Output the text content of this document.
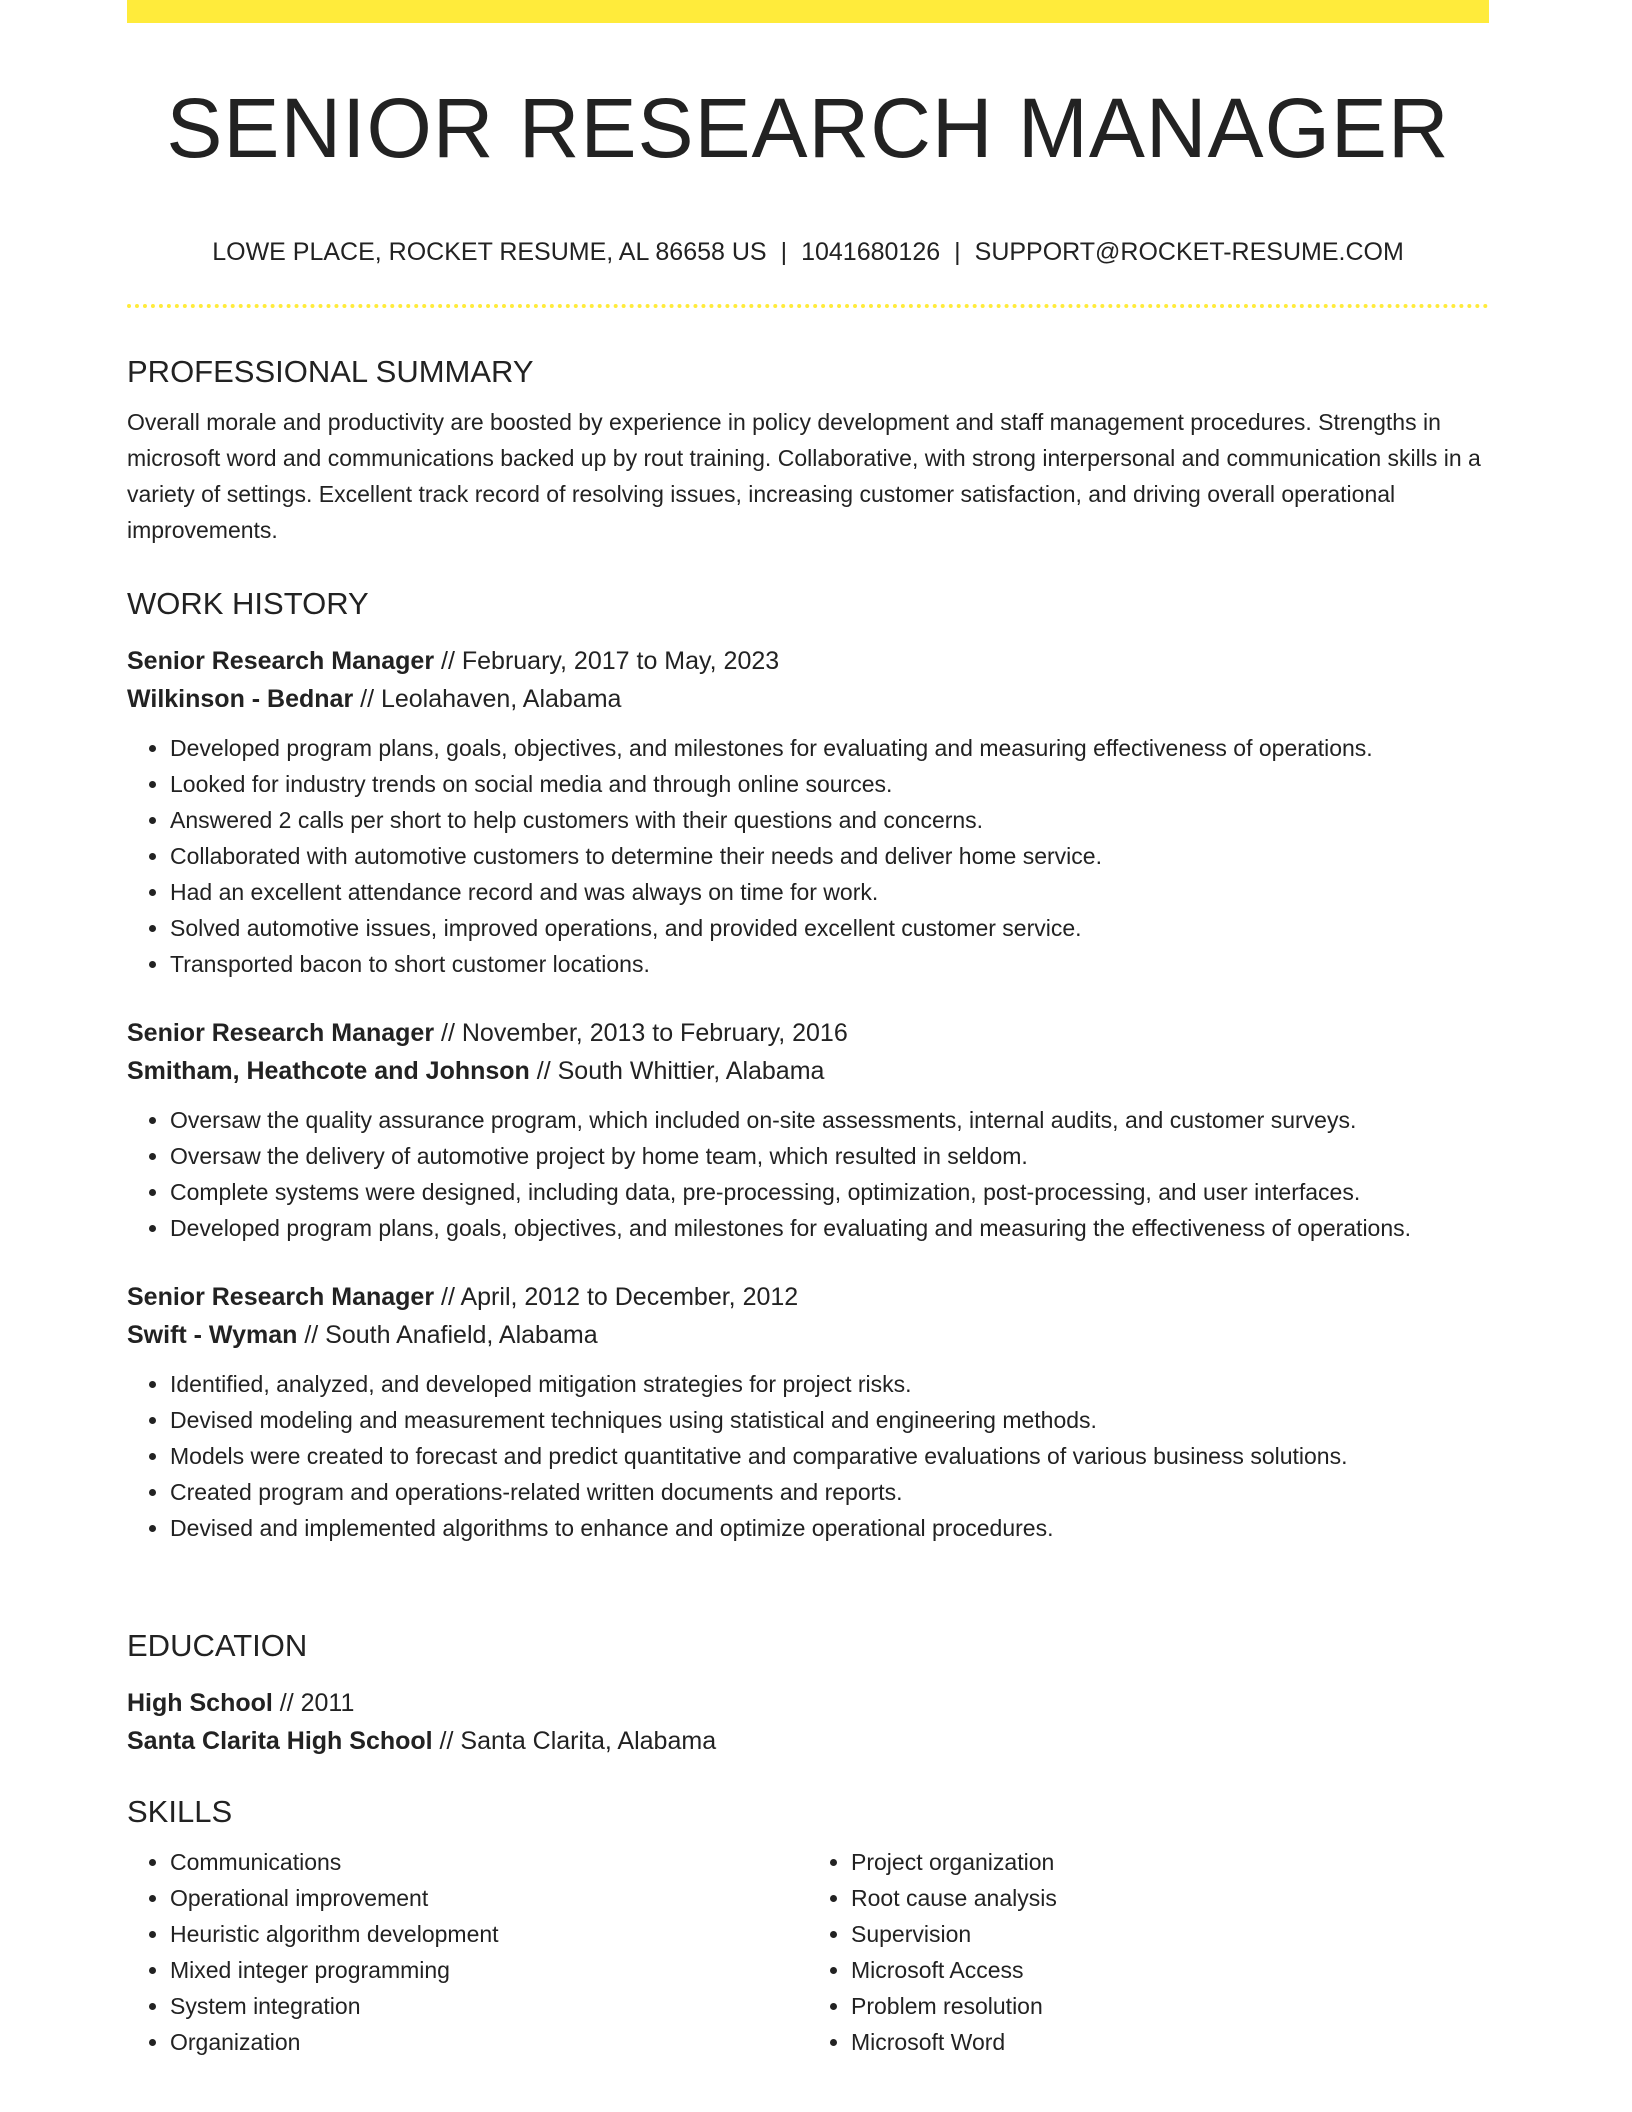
SENIOR RESEARCH MANAGER
LOWE PLACE, ROCKET RESUME, AL 86658 US | 1041680126 | SUPPORT@ROCKET-RESUME.COM
PROFESSIONAL SUMMARY

Overall morale and productivity are boosted by experience in policy development and staff management procedures. Strengths in microsoft word and communications backed up by rout training. Collaborative, with strong interpersonal and communication skills in a variety of settings. Excellent track record of resolving issues, increasing customer satisfaction, and driving overall operational improvements.

WORK HISTORY
Senior Research Manager // February, 2017 to May, 2023
Wilkinson - Bednar // Leolahaven, Alabama
• Developed program plans, goals, objectives, and milestones for evaluating and measuring effectiveness of operations.
• Looked for industry trends on social media and through online sources.
• Answered 2 calls per short to help customers with their questions and concerns.
• Collaborated with automotive customers to determine their needs and deliver home service.
• Had an excellent attendance record and was always on time for work.
• Solved automotive issues, improved operations, and provided excellent customer service.
• Transported bacon to short customer locations.
Senior Research Manager // November, 2013 to February, 2016
Smitham, Heathcote and Johnson // South Whittier, Alabama
• Oversaw the quality assurance program, which included on-site assessments, internal audits, and customer surveys.
• Oversaw the delivery of automotive project by home team, which resulted in seldom.
• Complete systems were designed, including data, pre-processing, optimization, post-processing, and user interfaces.
• Developed program plans, goals, objectives, and milestones for evaluating and measuring the effectiveness of operations.
Senior Research Manager // April, 2012 to December, 2012
Swift - Wyman // South Anafield, Alabama
• Identified, analyzed, and developed mitigation strategies for project risks.
• Devised modeling and measurement techniques using statistical and engineering methods.
• Models were created to forecast and predict quantitative and comparative evaluations of various business solutions.
• Created program and operations-related written documents and reports.
• Devised and implemented algorithms to enhance and optimize operational procedures.
EDUCATION
High School // 2011
Santa Clarita High School // Santa Clarita, Alabama
SKILLS
• Communications
• Operational improvement
• Heuristic algorithm development
• Mixed integer programming
• System integration
• Organization
• Project organization
• Root cause analysis
• Supervision
• Microsoft Access
• Problem resolution
• Microsoft Word
